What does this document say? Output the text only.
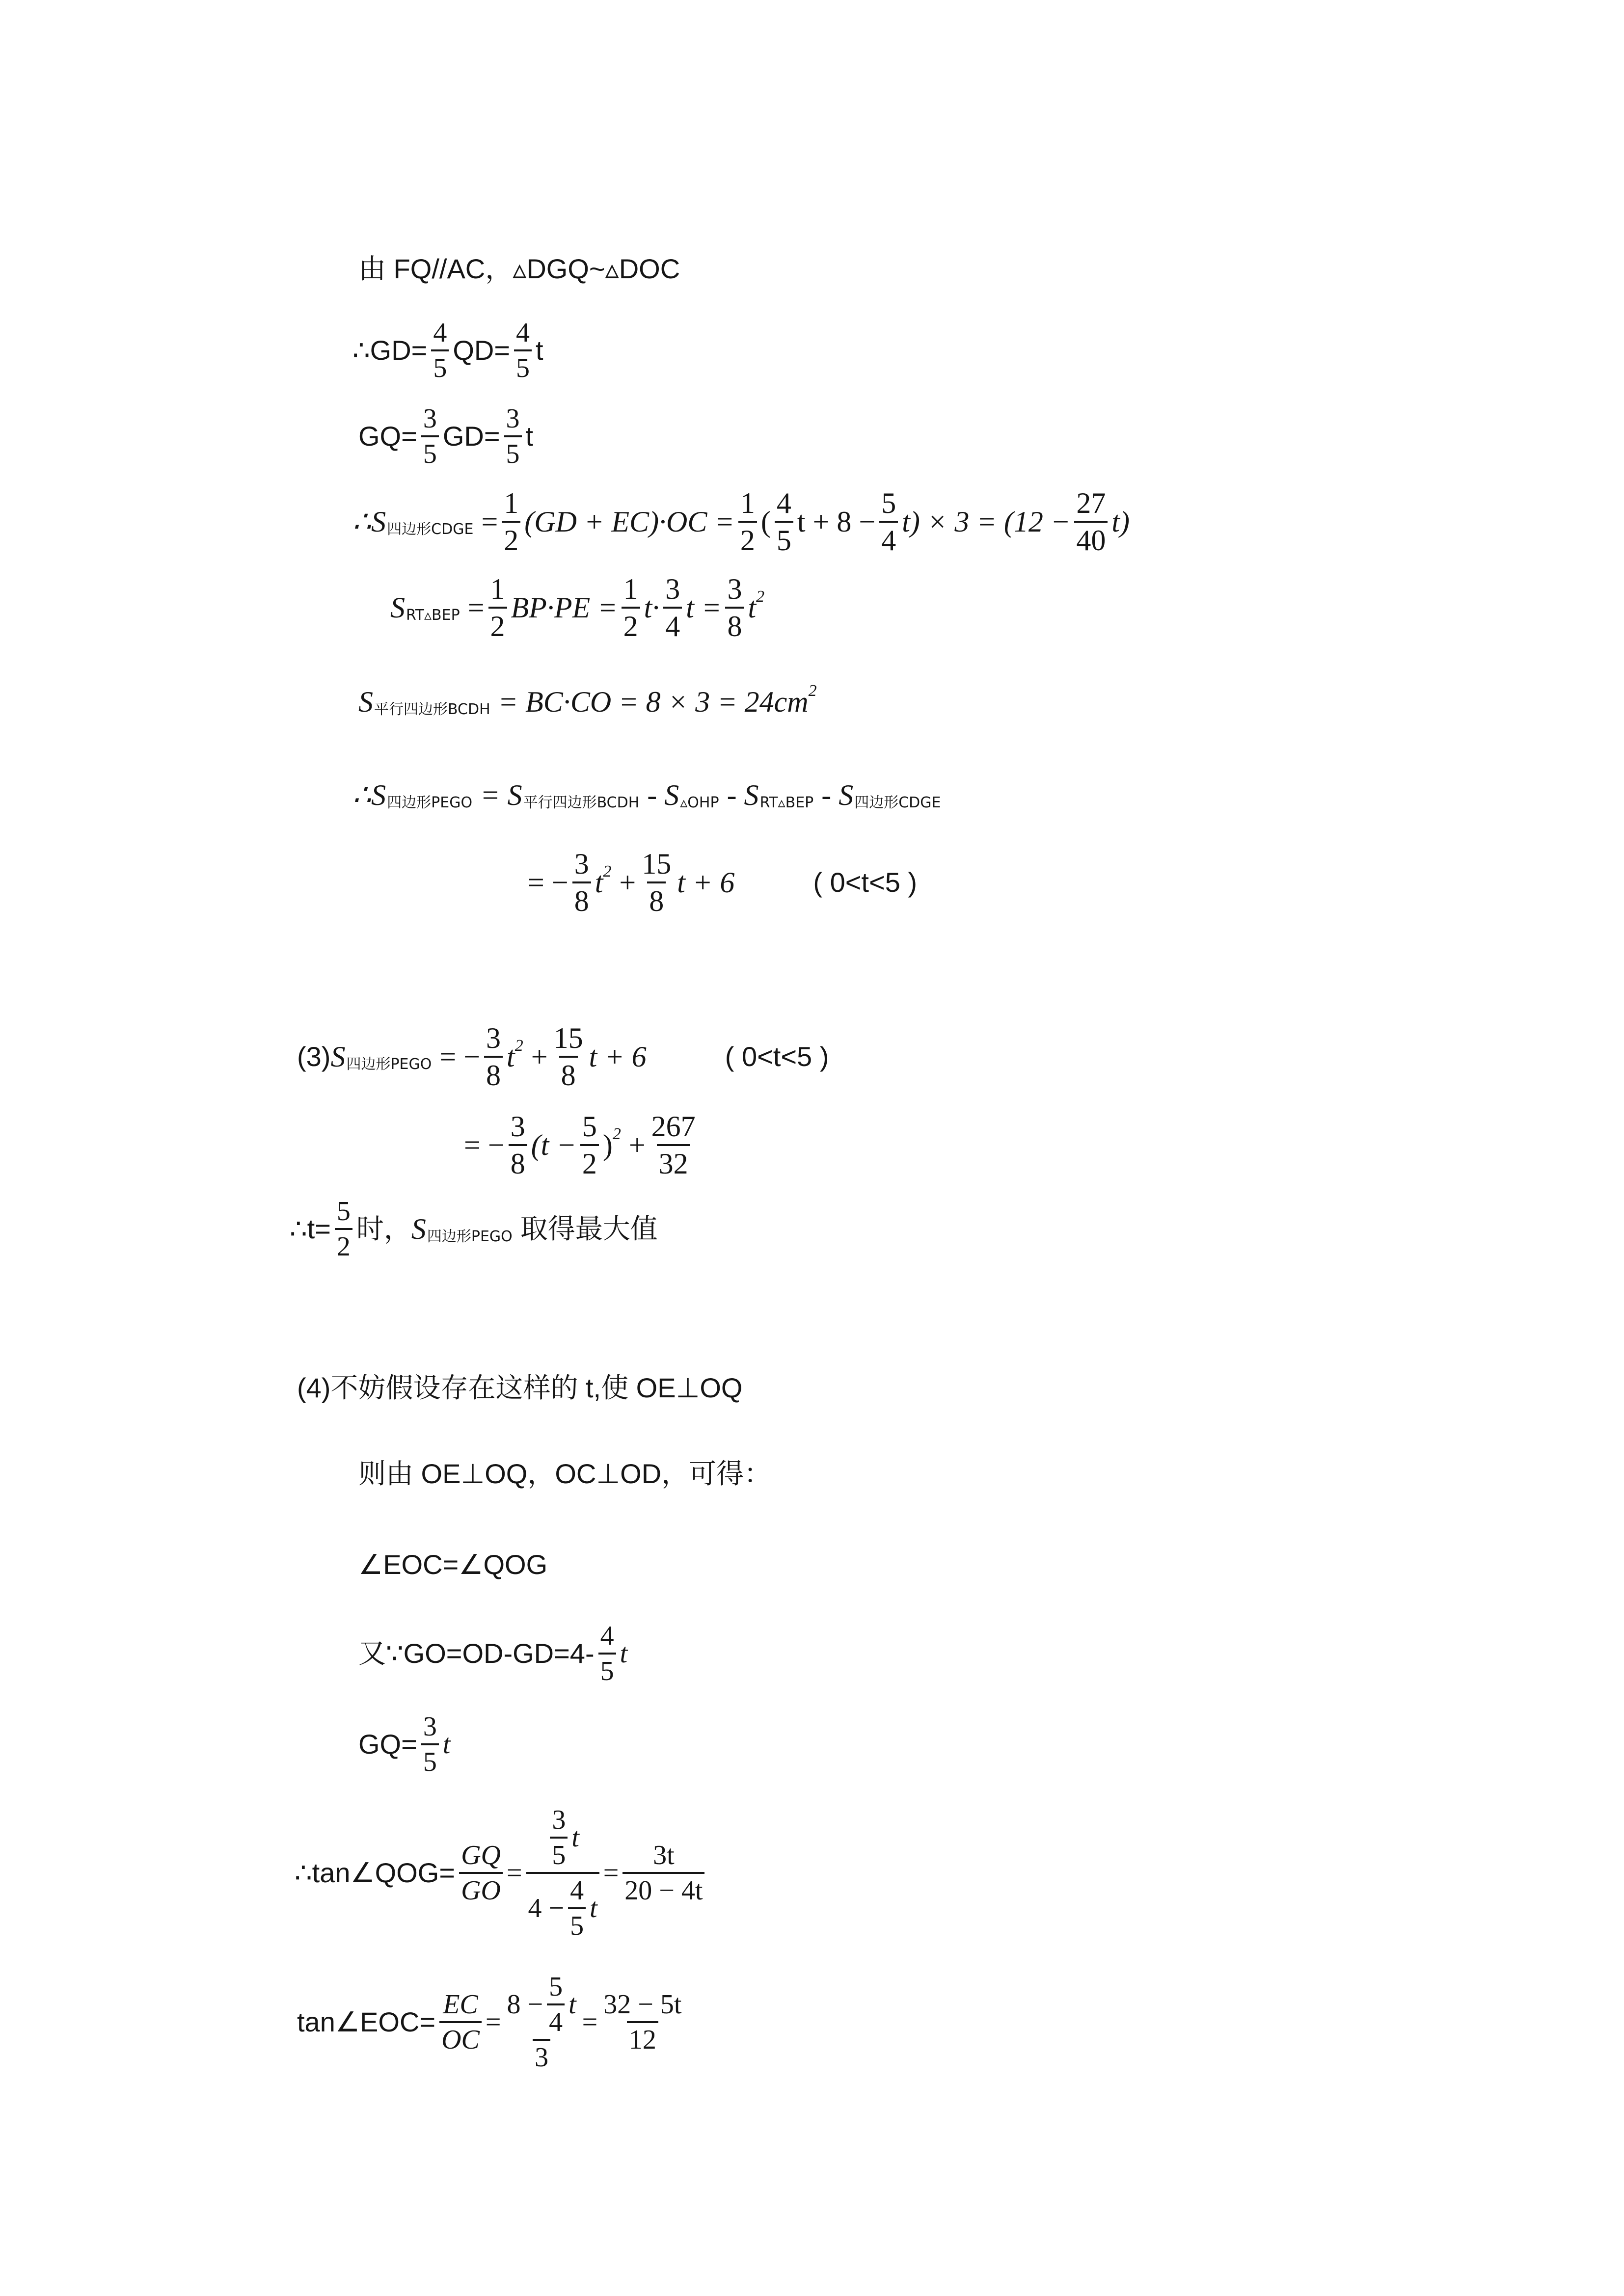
由 FQ//AC，▵DGQ~▵DOC
∴GD= $\frac{4}{5} QD= \frac{4}{5}$ t
$GQ= \frac{3}{5} GD= \frac{3}{5}$ t
∴S 四边形CDGE = $\frac{1}{2} (GD + EC)\cdot OC = \frac{1}{2}$ ( $\frac{4}{5}$ $t + 8 - \frac{5}{4} t) \times 3 = (12 - \frac{27}{40} t)$
S RT▵BEP = $\frac{1}{2} BP\cdot PE = \frac{1}{2} t\cdot \frac{3}{4}$ $t = \frac{3}{8}$ t 2
S 平行四边形BCDH = BC·CO = 8 × 3 = 24cm 2
∴S 四边形PEGO = S 平行四边形BCDH - S ▵OHP - S RT▵BEP - S 四边形CDGE
= − $\frac{3}{8}$ t $2 + \frac{15}{8}$ t + 6	( 0<t<5 )
(3) S 四边形PEGO = − $\frac{3}{8}$ t $2 + \frac{15}{8}$ t + 6	( 0<t<5 )
= − $\frac{3}{8} (t - \frac{5}{2}$ ) $2 + \frac{267}{32}$
∴t= $\frac{5}{2}$ 时， S 四边形PEGO 取得最大值
(4)不妨假设存在这样的 t,使 OE⊥OQ
则由 OE⊥OQ，OC⊥OD，可得：
∠EOC=∠QOG
又∵GO=OD-GD=4- $\frac{4}{5}$ t
$GQ= \frac{3}{5}$ t
∴tan∠QOG= $\frac{GQ}{GO} = \frac{\frac{3}{5} t}{4 - \frac{4}{5} t} = \frac{3t}{20 - 4t}$
tan∠EOC= $\frac{EC}{OC} = \frac{8 - \frac{5}{4} t}{3} = \frac{32 - 5t}{12}$
